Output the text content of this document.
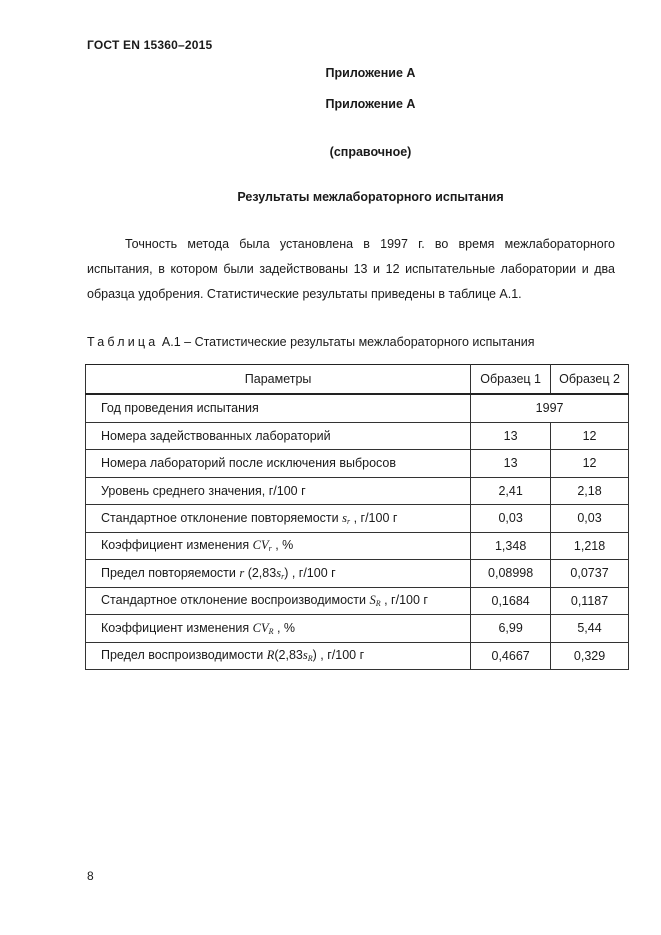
ГОСТ EN 15360–2015
Приложение А
Приложение А
(справочное)
Результаты межлабораторного испытания
Точность метода была установлена в 1997 г. во время межлабораторного испытания, в котором были задействованы 13 и 12 испытательные лаборатории и два образца удобрения. Статистические результаты приведены в таблице А.1.
Таблица А.1 – Статистические результаты межлабораторного испытания
Параметры	Образец 1	Образец 2
Год проведения испытания	1997	
Номера задействованных лабораторий	13	12
Номера лабораторий после исключения выбросов	13	12
Уровень среднего значения, г/100 г	2,41	2,18
Стандартное отклонение повторяемости $s_r$ , г/100 г	0,03	0,03
Коэффициент изменения $CV_r$ , %	1,348	1,218
Предел повторяемости r $(2,83s_r)$ , г/100 г	0,08998	0,0737
Стандартное отклонение воспроизводимости $S_R$ , г/100 г	0,1684	0,1187
Коэффициент изменения $CV_R$ , %	6,99	5,44
Предел воспроизводимости $R(2,83s_R)$ , г/100 г	0,4667	0,329
8
